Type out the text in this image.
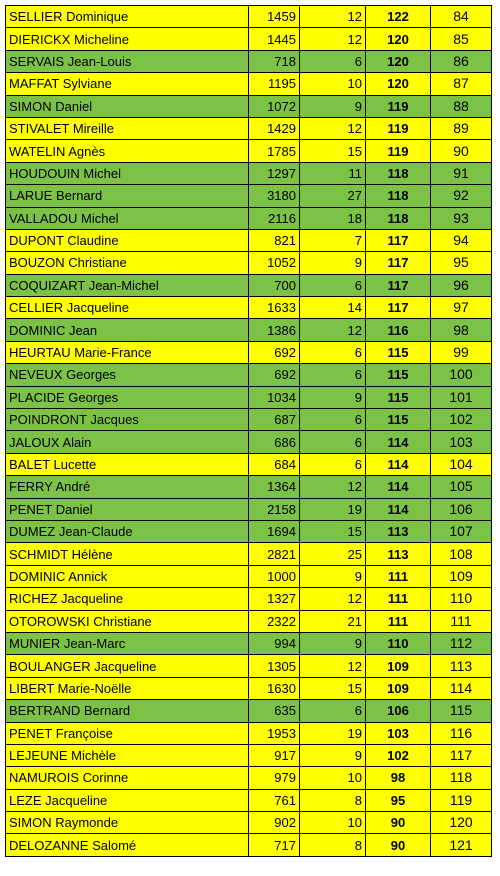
SELLIER Dominique	1459	12	122	84
DIERICKX Micheline	1445	12	120	85
SERVAIS Jean-Louis	718	6	120	86
MAFFAT Sylviane	1195	10	120	87
SIMON Daniel	1072	9	119	88
STIVALET Mireille	1429	12	119	89
WATELIN Agnès	1785	15	119	90
HOUDOUIN Michel	1297	11	118	91
LARUE Bernard	3180	27	118	92
VALLADOU Michel	2116	18	118	93
DUPONT Claudine	821	7	117	94
BOUZON Christiane	1052	9	117	95
COQUIZART Jean-Michel	700	6	117	96
CELLIER Jacqueline	1633	14	117	97
DOMINIC Jean	1386	12	116	98
HEURTAU Marie-France	692	6	115	99
NEVEUX Georges	692	6	115	100
PLACIDE Georges	1034	9	115	101
POINDRONT Jacques	687	6	115	102
JALOUX Alain	686	6	114	103
BALET Lucette	684	6	114	104
FERRY André	1364	12	114	105
PENET Daniel	2158	19	114	106
DUMEZ Jean-Claude	1694	15	113	107
SCHMIDT Hélène	2821	25	113	108
DOMINIC Annick	1000	9	111	109
RICHEZ Jacqueline	1327	12	111	110
OTOROWSKI Christiane	2322	21	111	111
MUNIER Jean-Marc	994	9	110	112
BOULANGER Jacqueline	1305	12	109	113
LIBERT Marie-Noëlle	1630	15	109	114
BERTRAND Bernard	635	6	106	115
PENET Françoise	1953	19	103	116
LEJEUNE Michèle	917	9	102	117
NAMUROIS Corinne	979	10	98	118
LEZE Jacqueline	761	8	95	119
SIMON Raymonde	902	10	90	120
DELOZANNE Salomé	717	8	90	121
